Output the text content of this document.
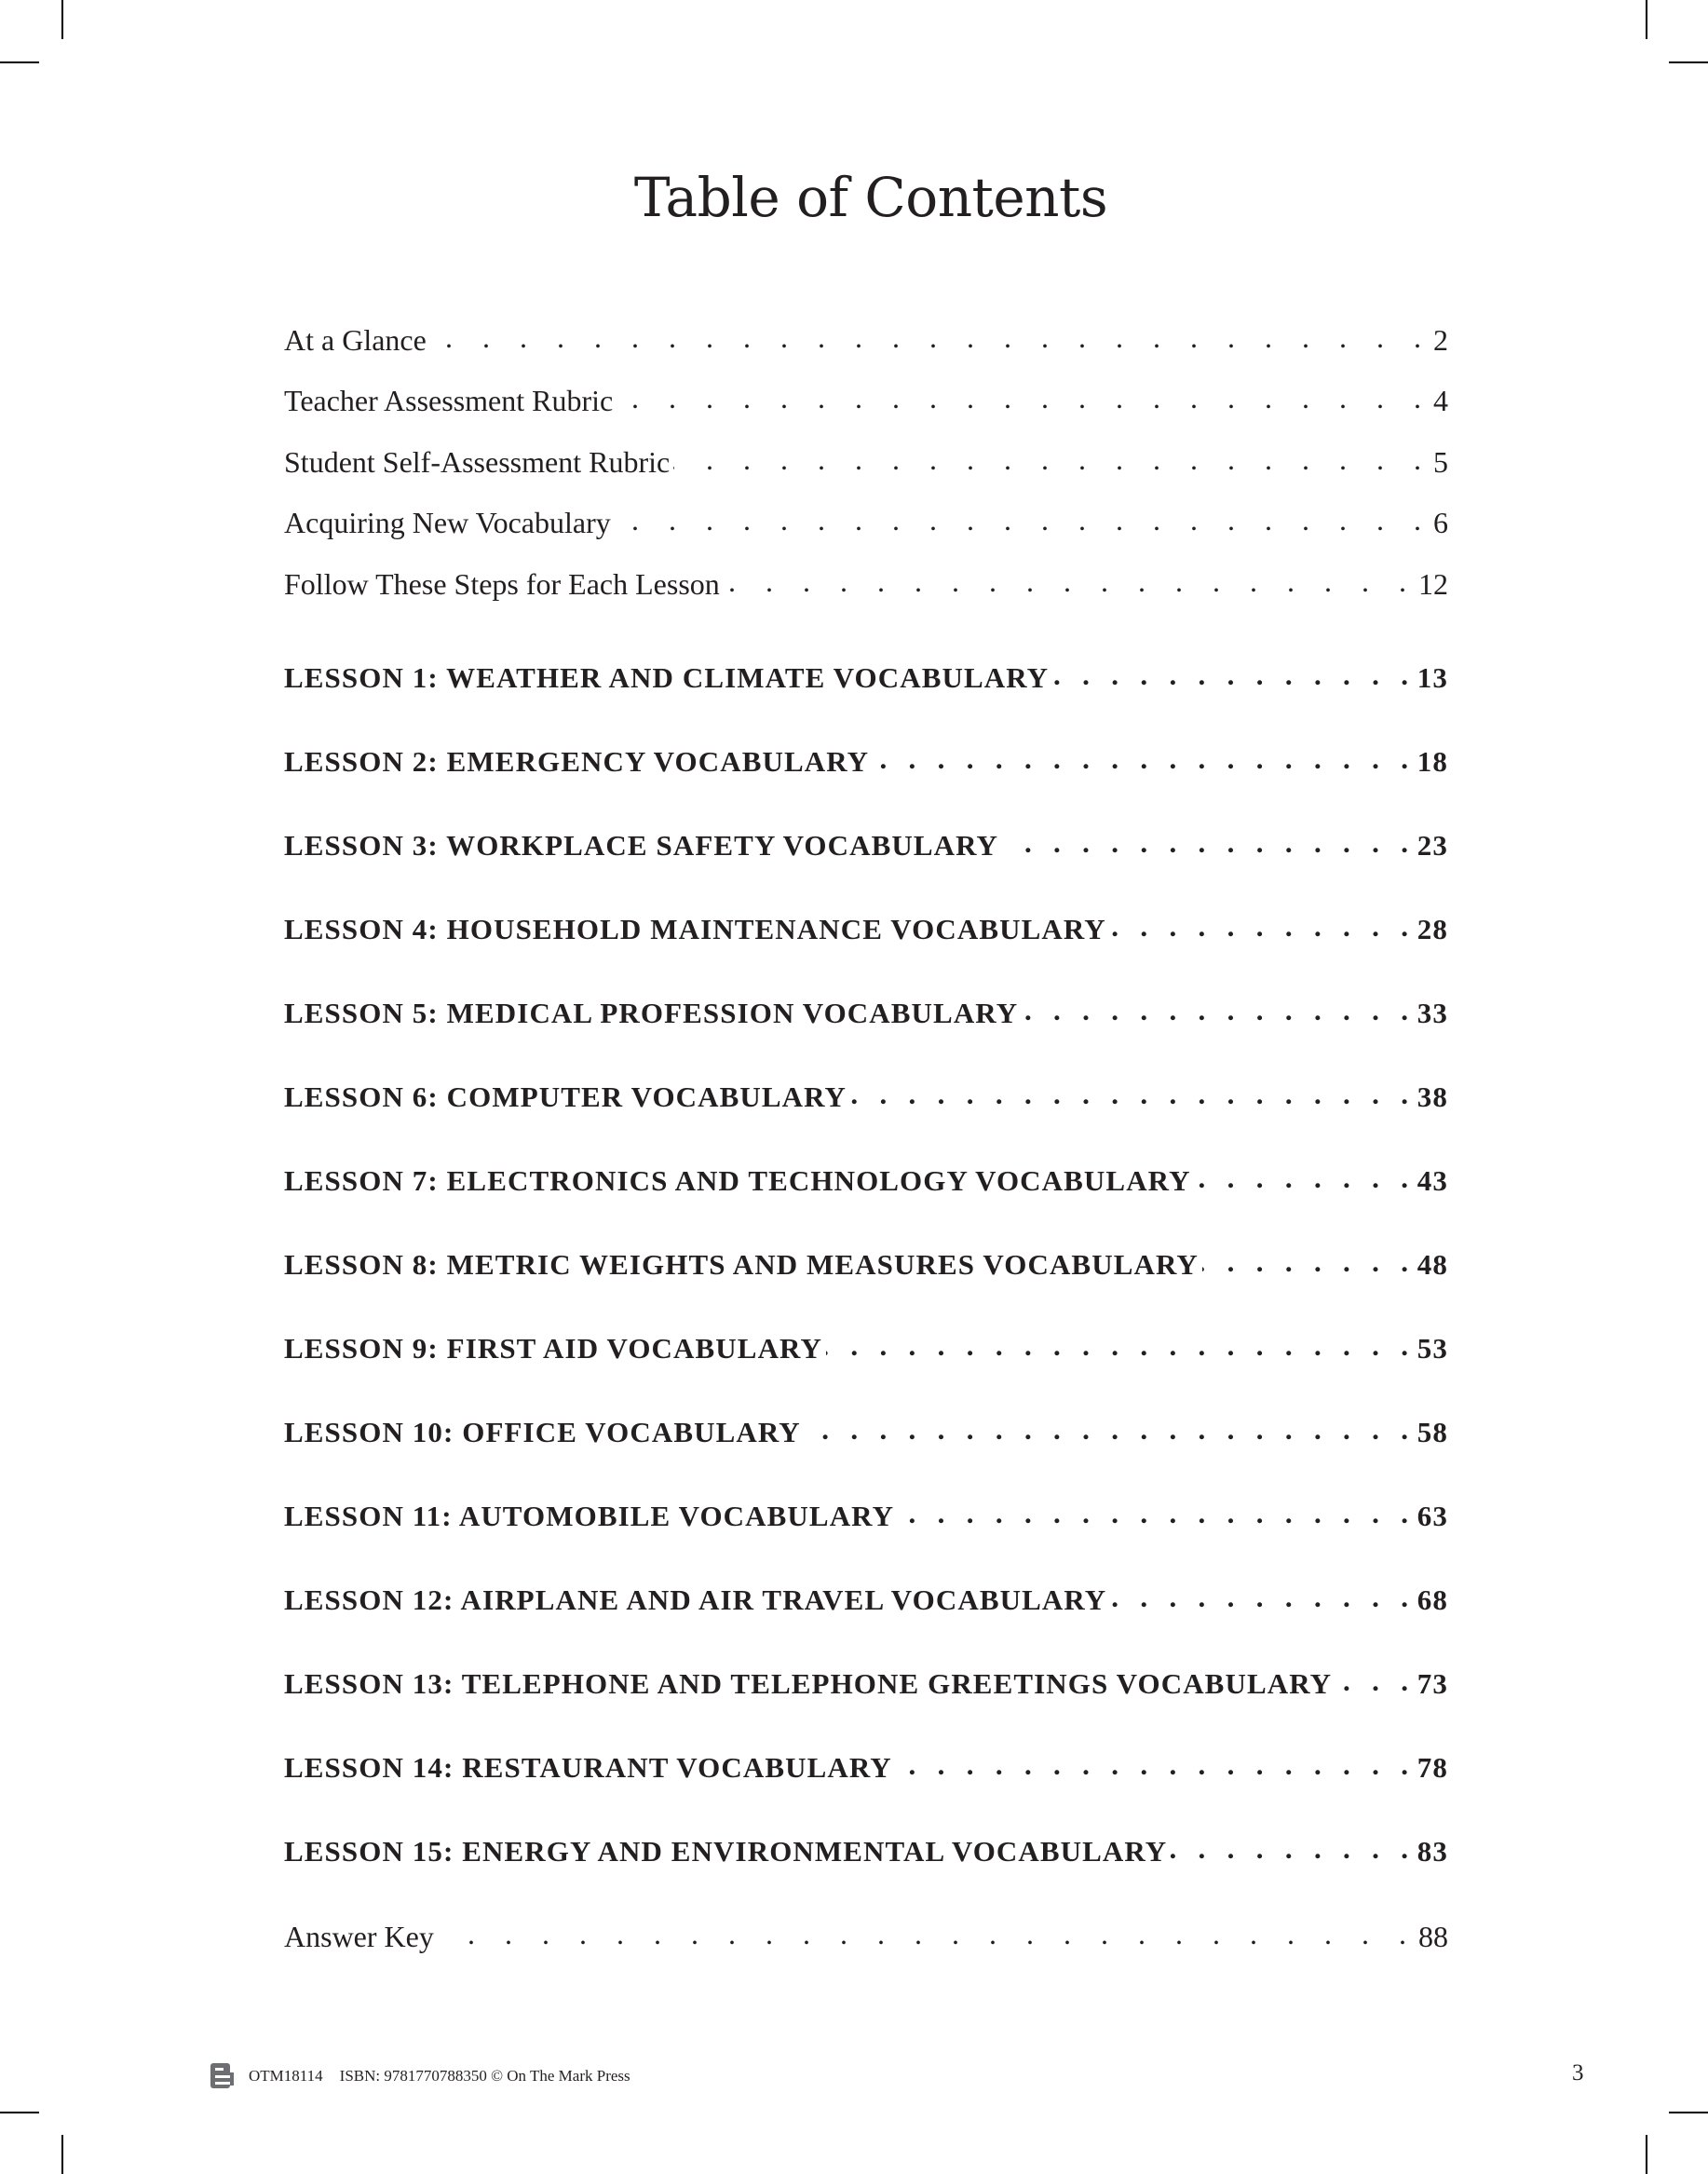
Table of Contents
At a Glance . . .	2
Teacher Assessment Rubric . . .	4
Student Self-Assessment Rubric . . .	5
Acquiring New Vocabulary . . .	6
Follow These Steps for Each Lesson . . .	12
LESSON 1: WEATHER AND CLIMATE VOCABULARY . . .	13
LESSON 2: EMERGENCY VOCABULARY . . .	18
LESSON 3: WORKPLACE SAFETY VOCABULARY . . .	23
LESSON 4: HOUSEHOLD MAINTENANCE VOCABULARY . . .	28
LESSON 5: MEDICAL PROFESSION VOCABULARY . . .	33
LESSON 6: COMPUTER VOCABULARY . . .	38
LESSON 7: ELECTRONICS AND TECHNOLOGY VOCABULARY . . .	43
LESSON 8: METRIC WEIGHTS AND MEASURES VOCABULARY . . .	48
LESSON 9: FIRST AID VOCABULARY . . .	53
LESSON 10: OFFICE VOCABULARY . . .	58
LESSON 11: AUTOMOBILE VOCABULARY . . .	63
LESSON 12: AIRPLANE AND AIR TRAVEL VOCABULARY . . .	68
LESSON 13: TELEPHONE AND TELEPHONE GREETINGS VOCABULARY . . .	73
LESSON 14: RESTAURANT VOCABULARY . . .	78
LESSON 15: ENERGY AND ENVIRONMENTAL VOCABULARY . . .	83
Answer Key . . .	88
OTM18114 ISBN: 9781770788350 © On The Mark Press	3
